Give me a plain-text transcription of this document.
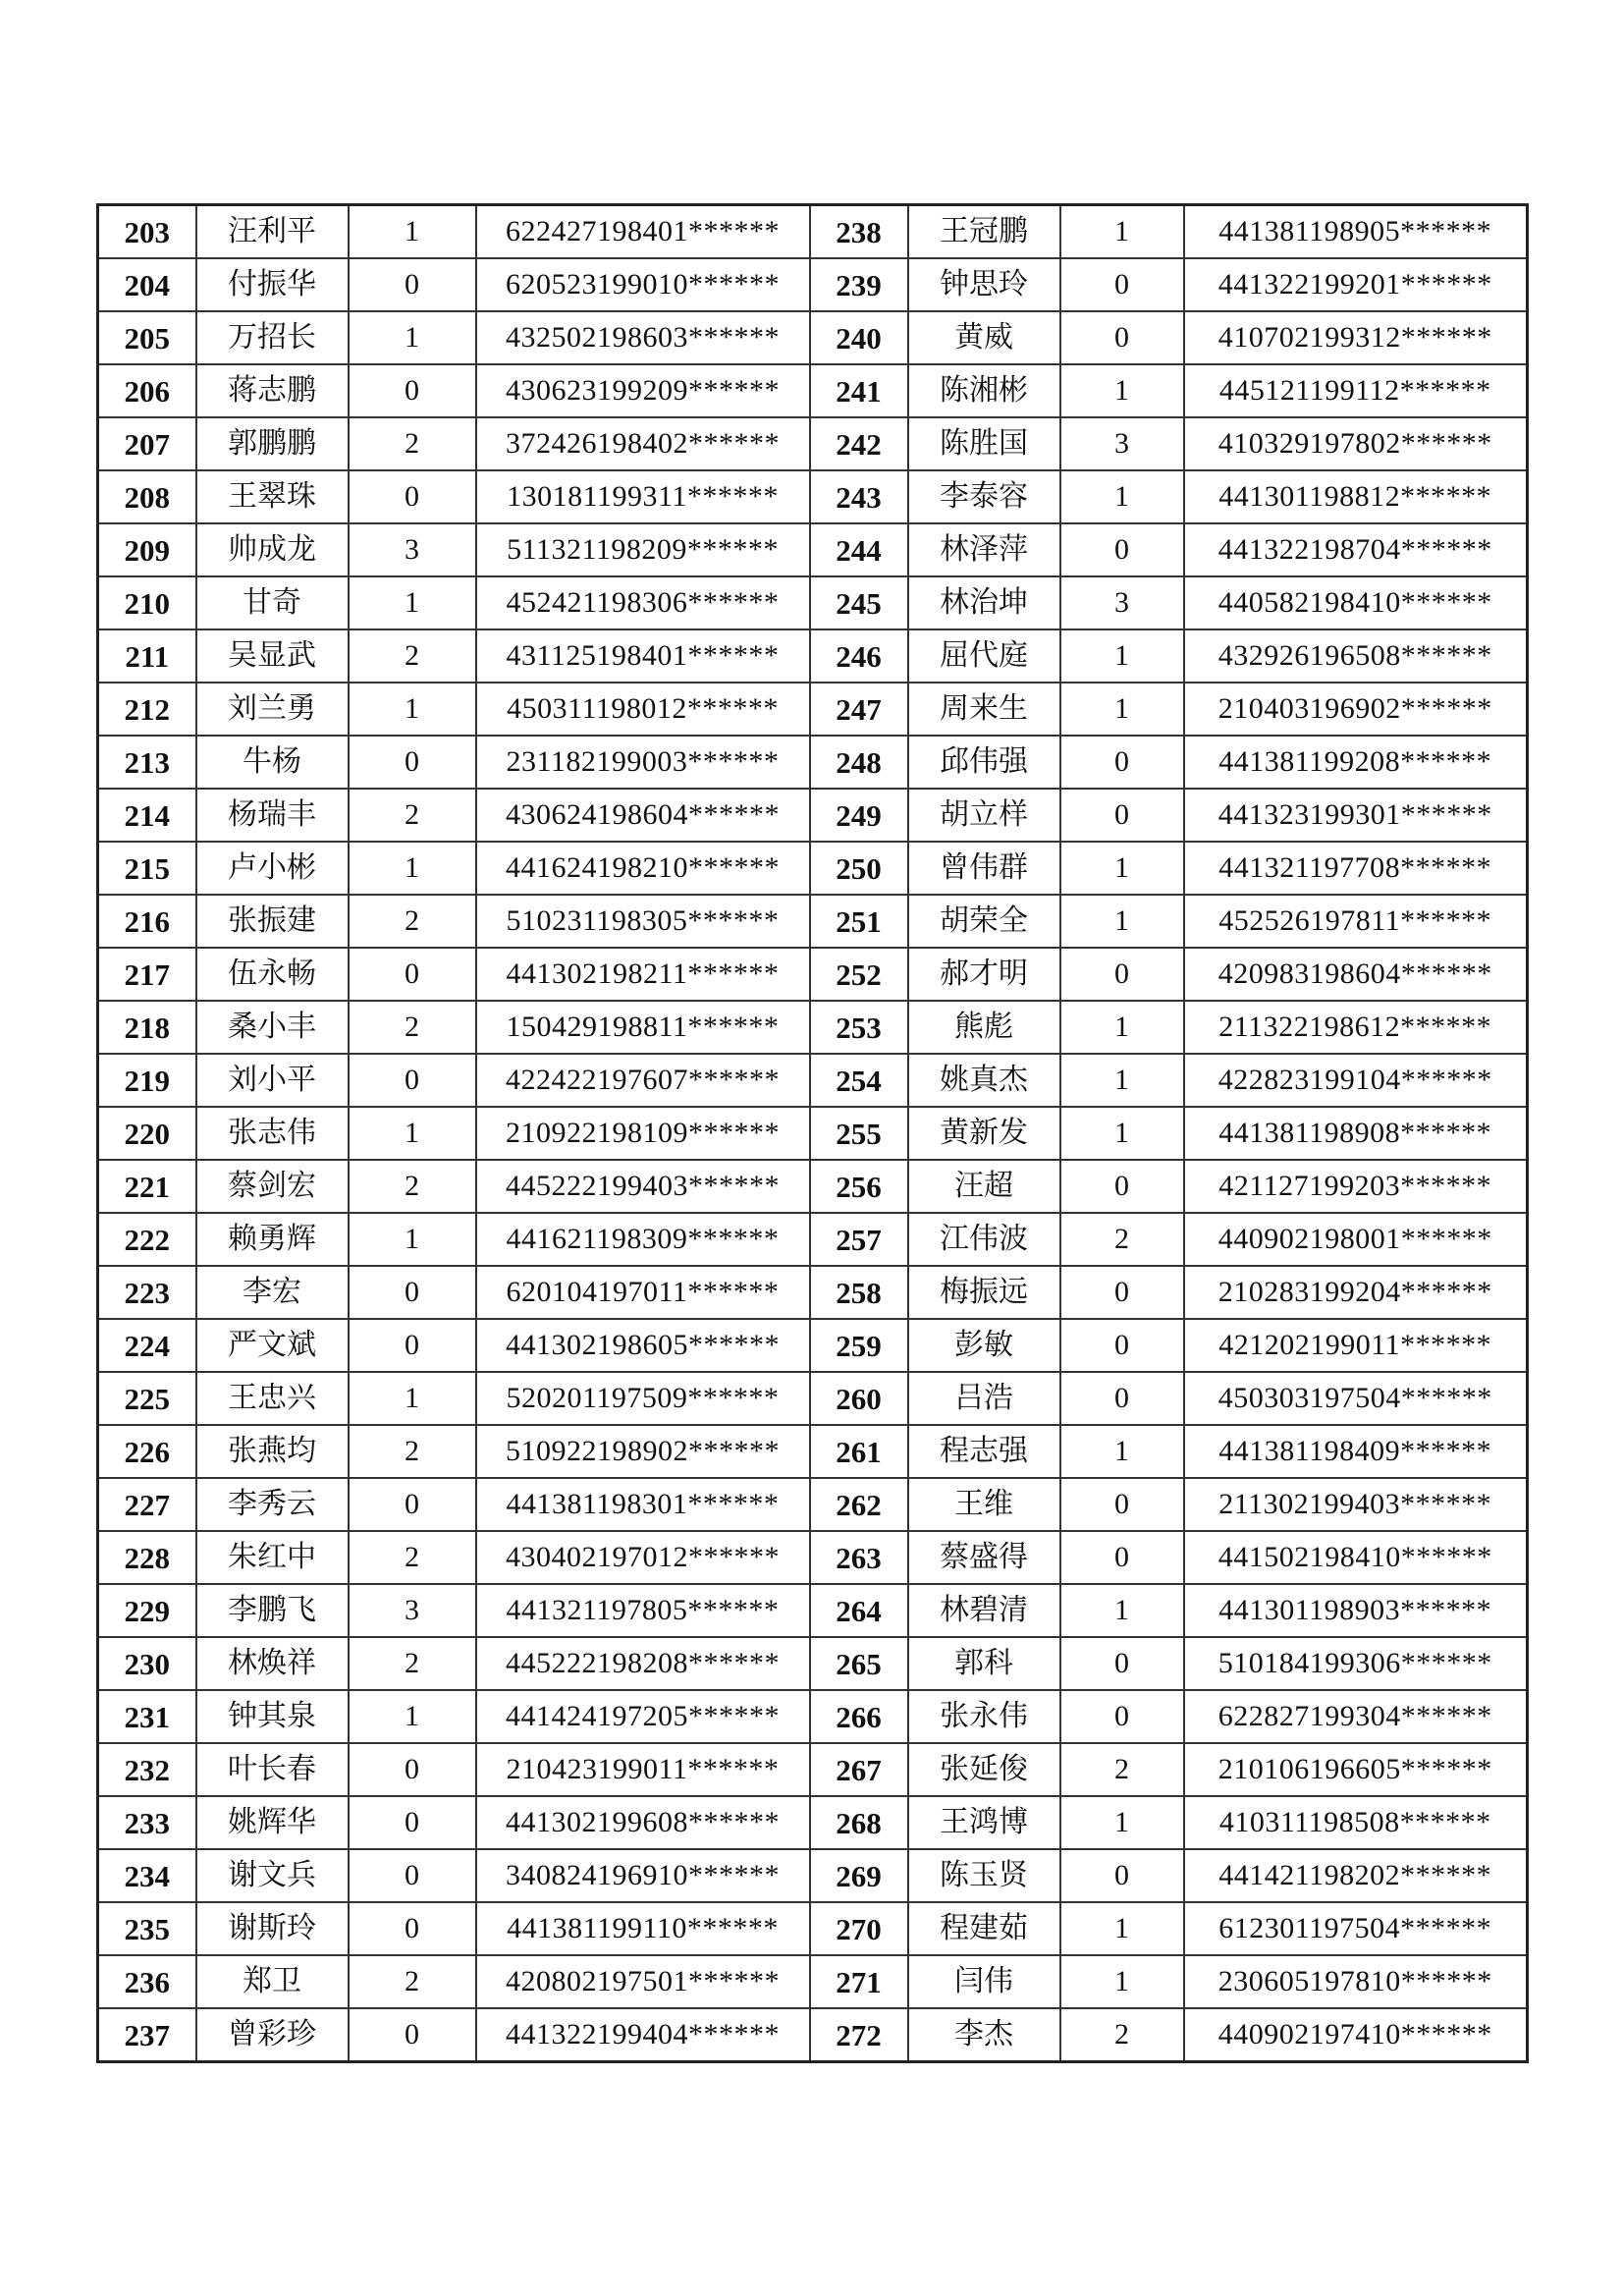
203	汪利平	1	622427198401******	238	王冠鹏	1	441381198905******
204	付振华	0	620523199010******	239	钟思玲	0	441322199201******
205	万招长	1	432502198603******	240	黄威	0	410702199312******
206	蒋志鹏	0	430623199209******	241	陈湘彬	1	445121199112******
207	郭鹏鹏	2	372426198402******	242	陈胜国	3	410329197802******
208	王翠珠	0	130181199311******	243	李泰容	1	441301198812******
209	帅成龙	3	511321198209******	244	林泽萍	0	441322198704******
210	甘奇	1	452421198306******	245	林治坤	3	440582198410******
211	吴显武	2	431125198401******	246	屈代庭	1	432926196508******
212	刘兰勇	1	450311198012******	247	周来生	1	210403196902******
213	牛杨	0	231182199003******	248	邱伟强	0	441381199208******
214	杨瑞丰	2	430624198604******	249	胡立样	0	441323199301******
215	卢小彬	1	441624198210******	250	曾伟群	1	441321197708******
216	张振建	2	510231198305******	251	胡荣全	1	452526197811******
217	伍永畅	0	441302198211******	252	郝才明	0	420983198604******
218	桑小丰	2	150429198811******	253	熊彪	1	211322198612******
219	刘小平	0	422422197607******	254	姚真杰	1	422823199104******
220	张志伟	1	210922198109******	255	黄新发	1	441381198908******
221	蔡剑宏	2	445222199403******	256	汪超	0	421127199203******
222	赖勇辉	1	441621198309******	257	江伟波	2	440902198001******
223	李宏	0	620104197011******	258	梅振远	0	210283199204******
224	严文斌	0	441302198605******	259	彭敏	0	421202199011******
225	王忠兴	1	520201197509******	260	吕浩	0	450303197504******
226	张燕均	2	510922198902******	261	程志强	1	441381198409******
227	李秀云	0	441381198301******	262	王维	0	211302199403******
228	朱红中	2	430402197012******	263	蔡盛得	0	441502198410******
229	李鹏飞	3	441321197805******	264	林碧清	1	441301198903******
230	林焕祥	2	445222198208******	265	郭科	0	510184199306******
231	钟其泉	1	441424197205******	266	张永伟	0	622827199304******
232	叶长春	0	210423199011******	267	张延俊	2	210106196605******
233	姚辉华	0	441302199608******	268	王鸿博	1	410311198508******
234	谢文兵	0	340824196910******	269	陈玉贤	0	441421198202******
235	谢斯玲	0	441381199110******	270	程建茹	1	612301197504******
236	郑卫	2	420802197501******	271	闫伟	1	230605197810******
237	曾彩珍	0	441322199404******	272	李杰	2	440902197410******
